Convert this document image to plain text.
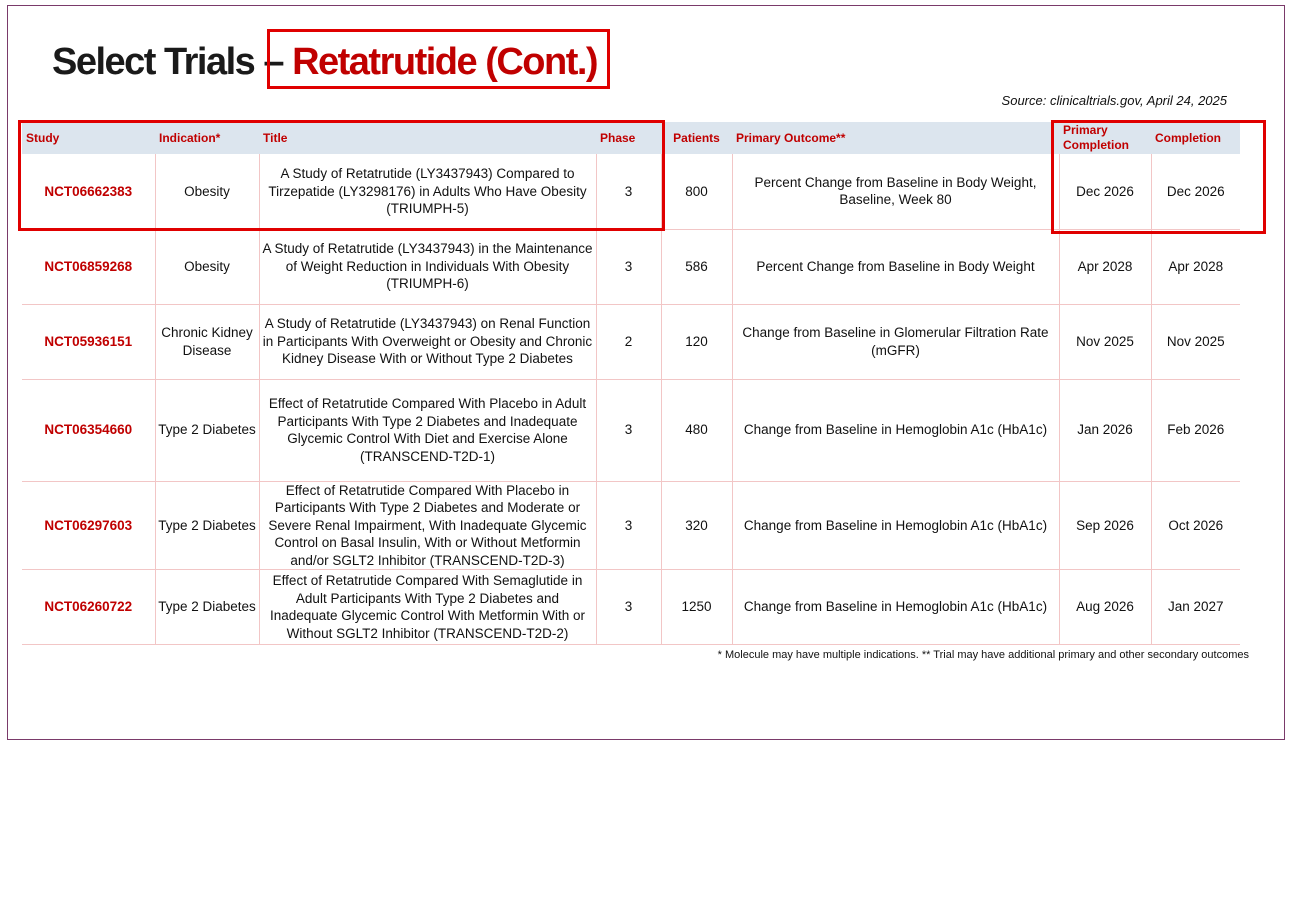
Select Trials – Retatrutide (Cont.)
Source: clinicaltrials.gov, April 24, 2025
Study	Indication*	Title	Phase	Patients	Primary Outcome**	Primary Completion	Completion
NCT06662383	Obesity	A Study of Retatrutide (LY3437943) Compared to Tirzepatide (LY3298176) in Adults Who Have Obesity (TRIUMPH-5)	3	800	Percent Change from Baseline in Body Weight, Baseline, Week 80	Dec 2026	Dec 2026
NCT06859268	Obesity	A Study of Retatrutide (LY3437943) in the Maintenance of Weight Reduction in Individuals With Obesity (TRIUMPH-6)	3	586	Percent Change from Baseline in Body Weight	Apr 2028	Apr 2028
NCT05936151	Chronic Kidney Disease	A Study of Retatrutide (LY3437943) on Renal Function in Participants With Overweight or Obesity and Chronic Kidney Disease With or Without Type 2 Diabetes	2	120	Change from Baseline in Glomerular Filtration Rate (mGFR)	Nov 2025	Nov 2025
NCT06354660	Type 2 Diabetes	Effect of Retatrutide Compared With Placebo in Adult Participants With Type 2 Diabetes and Inadequate Glycemic Control With Diet and Exercise Alone (TRANSCEND-T2D-1)	3	480	Change from Baseline in Hemoglobin A1c (HbA1c)	Jan 2026	Feb 2026
NCT06297603	Type 2 Diabetes	Effect of Retatrutide Compared With Placebo in Participants With Type 2 Diabetes and Moderate or Severe Renal Impairment, With Inadequate Glycemic Control on Basal Insulin, With or Without Metformin and/or SGLT2 Inhibitor (TRANSCEND-T2D-3)	3	320	Change from Baseline in Hemoglobin A1c (HbA1c)	Sep 2026	Oct 2026
NCT06260722	Type 2 Diabetes	Effect of Retatrutide Compared With Semaglutide in Adult Participants With Type 2 Diabetes and Inadequate Glycemic Control With Metformin With or Without SGLT2 Inhibitor (TRANSCEND-T2D-2)	3	1250	Change from Baseline in Hemoglobin A1c (HbA1c)	Aug 2026	Jan 2027
* Molecule may have multiple indications. ** Trial may have additional primary and other secondary outcomes
